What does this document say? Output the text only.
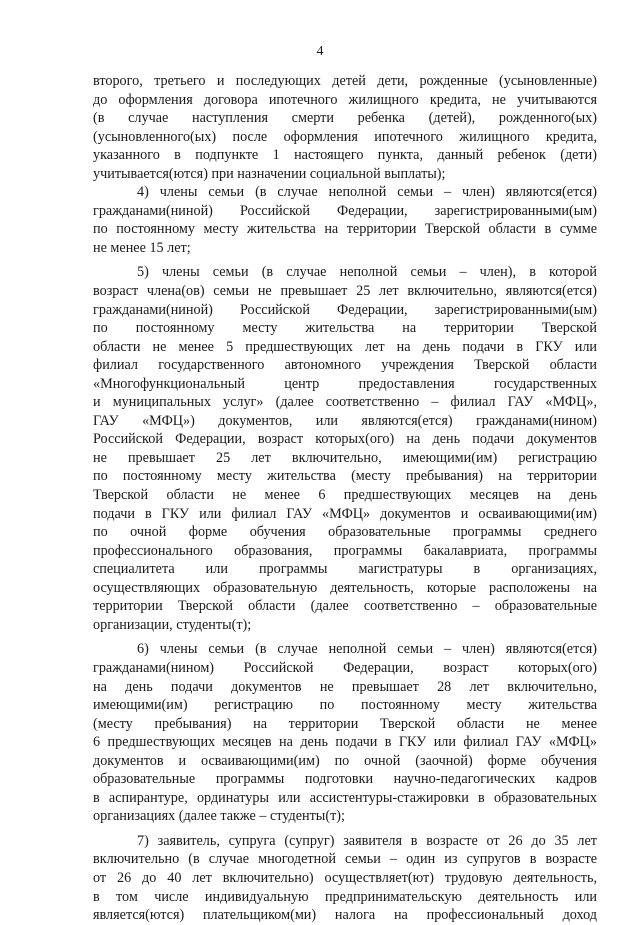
4
второго, третьего и последующих детей дети, рожденные (усыновленные)
до оформления договора ипотечного жилищного кредита, не учитываются
(в случае наступления смерти ребенка (детей), рожденного(ых)
(усыновленного(ых) после оформления ипотечного жилищного кредита,
указанного в подпункте 1 настоящего пункта, данный ребенок (дети)
учитывается(ются) при назначении социальной выплаты);
4) члены семьи (в случае неполной семьи – член) являются(ется)
гражданами(ниной) Российской Федерации, зарегистрированными(ым)
по постоянному месту жительства на территории Тверской области в сумме
не менее 15 лет;
5) члены семьи (в случае неполной семьи – член), в которой
возраст члена(ов) семьи не превышает 25 лет включительно, являются(ется)
гражданами(ниной) Российской Федерации, зарегистрированными(ым)
по постоянному месту жительства на территории Тверской
области не менее 5 предшествующих лет на день подачи в ГКУ или
филиал государственного автономного учреждения Тверской области
«Многофункциональный центр предоставления государственных
и муниципальных услуг» (далее соответственно – филиал ГАУ «МФЦ»,
ГАУ «МФЦ») документов, или являются(ется) гражданами(нином)
Российской Федерации, возраст которых(ого) на день подачи документов
не превышает 25 лет включительно, имеющими(им) регистрацию
по постоянному месту жительства (месту пребывания) на территории
Тверской области не менее 6 предшествующих месяцев на день
подачи в ГКУ или филиал ГАУ «МФЦ» документов и осваивающими(им)
по очной форме обучения образовательные программы среднего
профессионального образования, программы бакалавриата, программы
специалитета или программы магистратуры в организациях,
осуществляющих образовательную деятельность, которые расположены на
территории Тверской области (далее соответственно – образовательные
организации, студенты(т);
6) члены семьи (в случае неполной семьи – член) являются(ется)
гражданами(нином) Российской Федерации, возраст которых(ого)
на день подачи документов не превышает 28 лет включительно,
имеющими(им) регистрацию по постоянному месту жительства
(месту пребывания) на территории Тверской области не менее
6 предшествующих месяцев на день подачи в ГКУ или филиал ГАУ «МФЦ»
документов и осваивающими(им) по очной (заочной) форме обучения
образовательные программы подготовки научно-педагогических кадров
в аспирантуре, ординатуры или ассистентуры-стажировки в образовательных
организациях (далее также – студенты(т);
7) заявитель, супруга (супруг) заявителя в возрасте от 26 до 35 лет
включительно (в случае многодетной семьи – один из супругов в возрасте
от 26 до 40 лет включительно) осуществляет(ют) трудовую деятельность,
в том числе индивидуальную предпринимательскую деятельность или
является(ются) плательщиком(ми) налога на профессиональный доход
